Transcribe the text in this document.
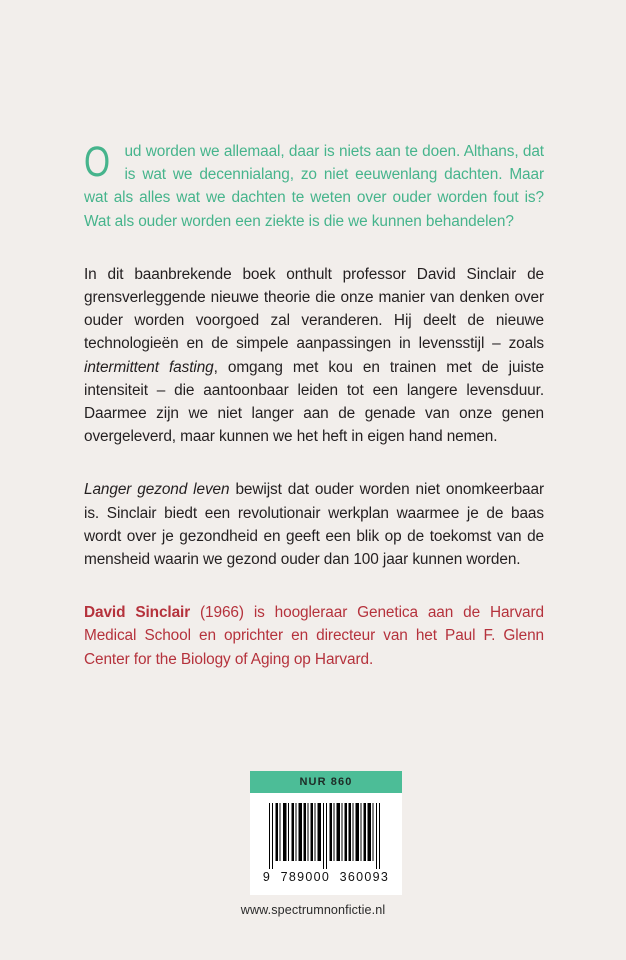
Oud worden we allemaal, daar is niets aan te doen. Althans, dat is wat we decennialang, zo niet eeuwenlang dachten. Maar wat als alles wat we dachten te weten over ouder worden fout is? Wat als ouder worden een ziekte is die we kunnen behandelen?

In dit baanbrekende boek onthult professor David Sinclair de grensverleggende nieuwe theorie die onze manier van denken over ouder worden voorgoed zal veranderen. Hij deelt de nieuwe technologieën en de simpele aanpassingen in levensstijl – zoals intermittent fasting, omgang met kou en trainen met de juiste intensiteit – die aantoonbaar leiden tot een langere levensduur. Daarmee zijn we niet langer aan de genade van onze genen overgeleverd, maar kunnen we het heft in eigen hand nemen.

Langer gezond leven bewijst dat ouder worden niet onomkeerbaar is. Sinclair biedt een revolutionair werkplan waarmee je de baas wordt over je gezondheid en geeft een blik op de toekomst van de mensheid waarin we gezond ouder dan 100 jaar kunnen worden.

David Sinclair (1966) is hoogleraar Genetica aan de Harvard Medical School en oprichter en directeur van het Paul F. Glenn Center for the Biology of Aging op Harvard.

NUR 860
9  789000  360093
www.spectrumnonfictie.nl
